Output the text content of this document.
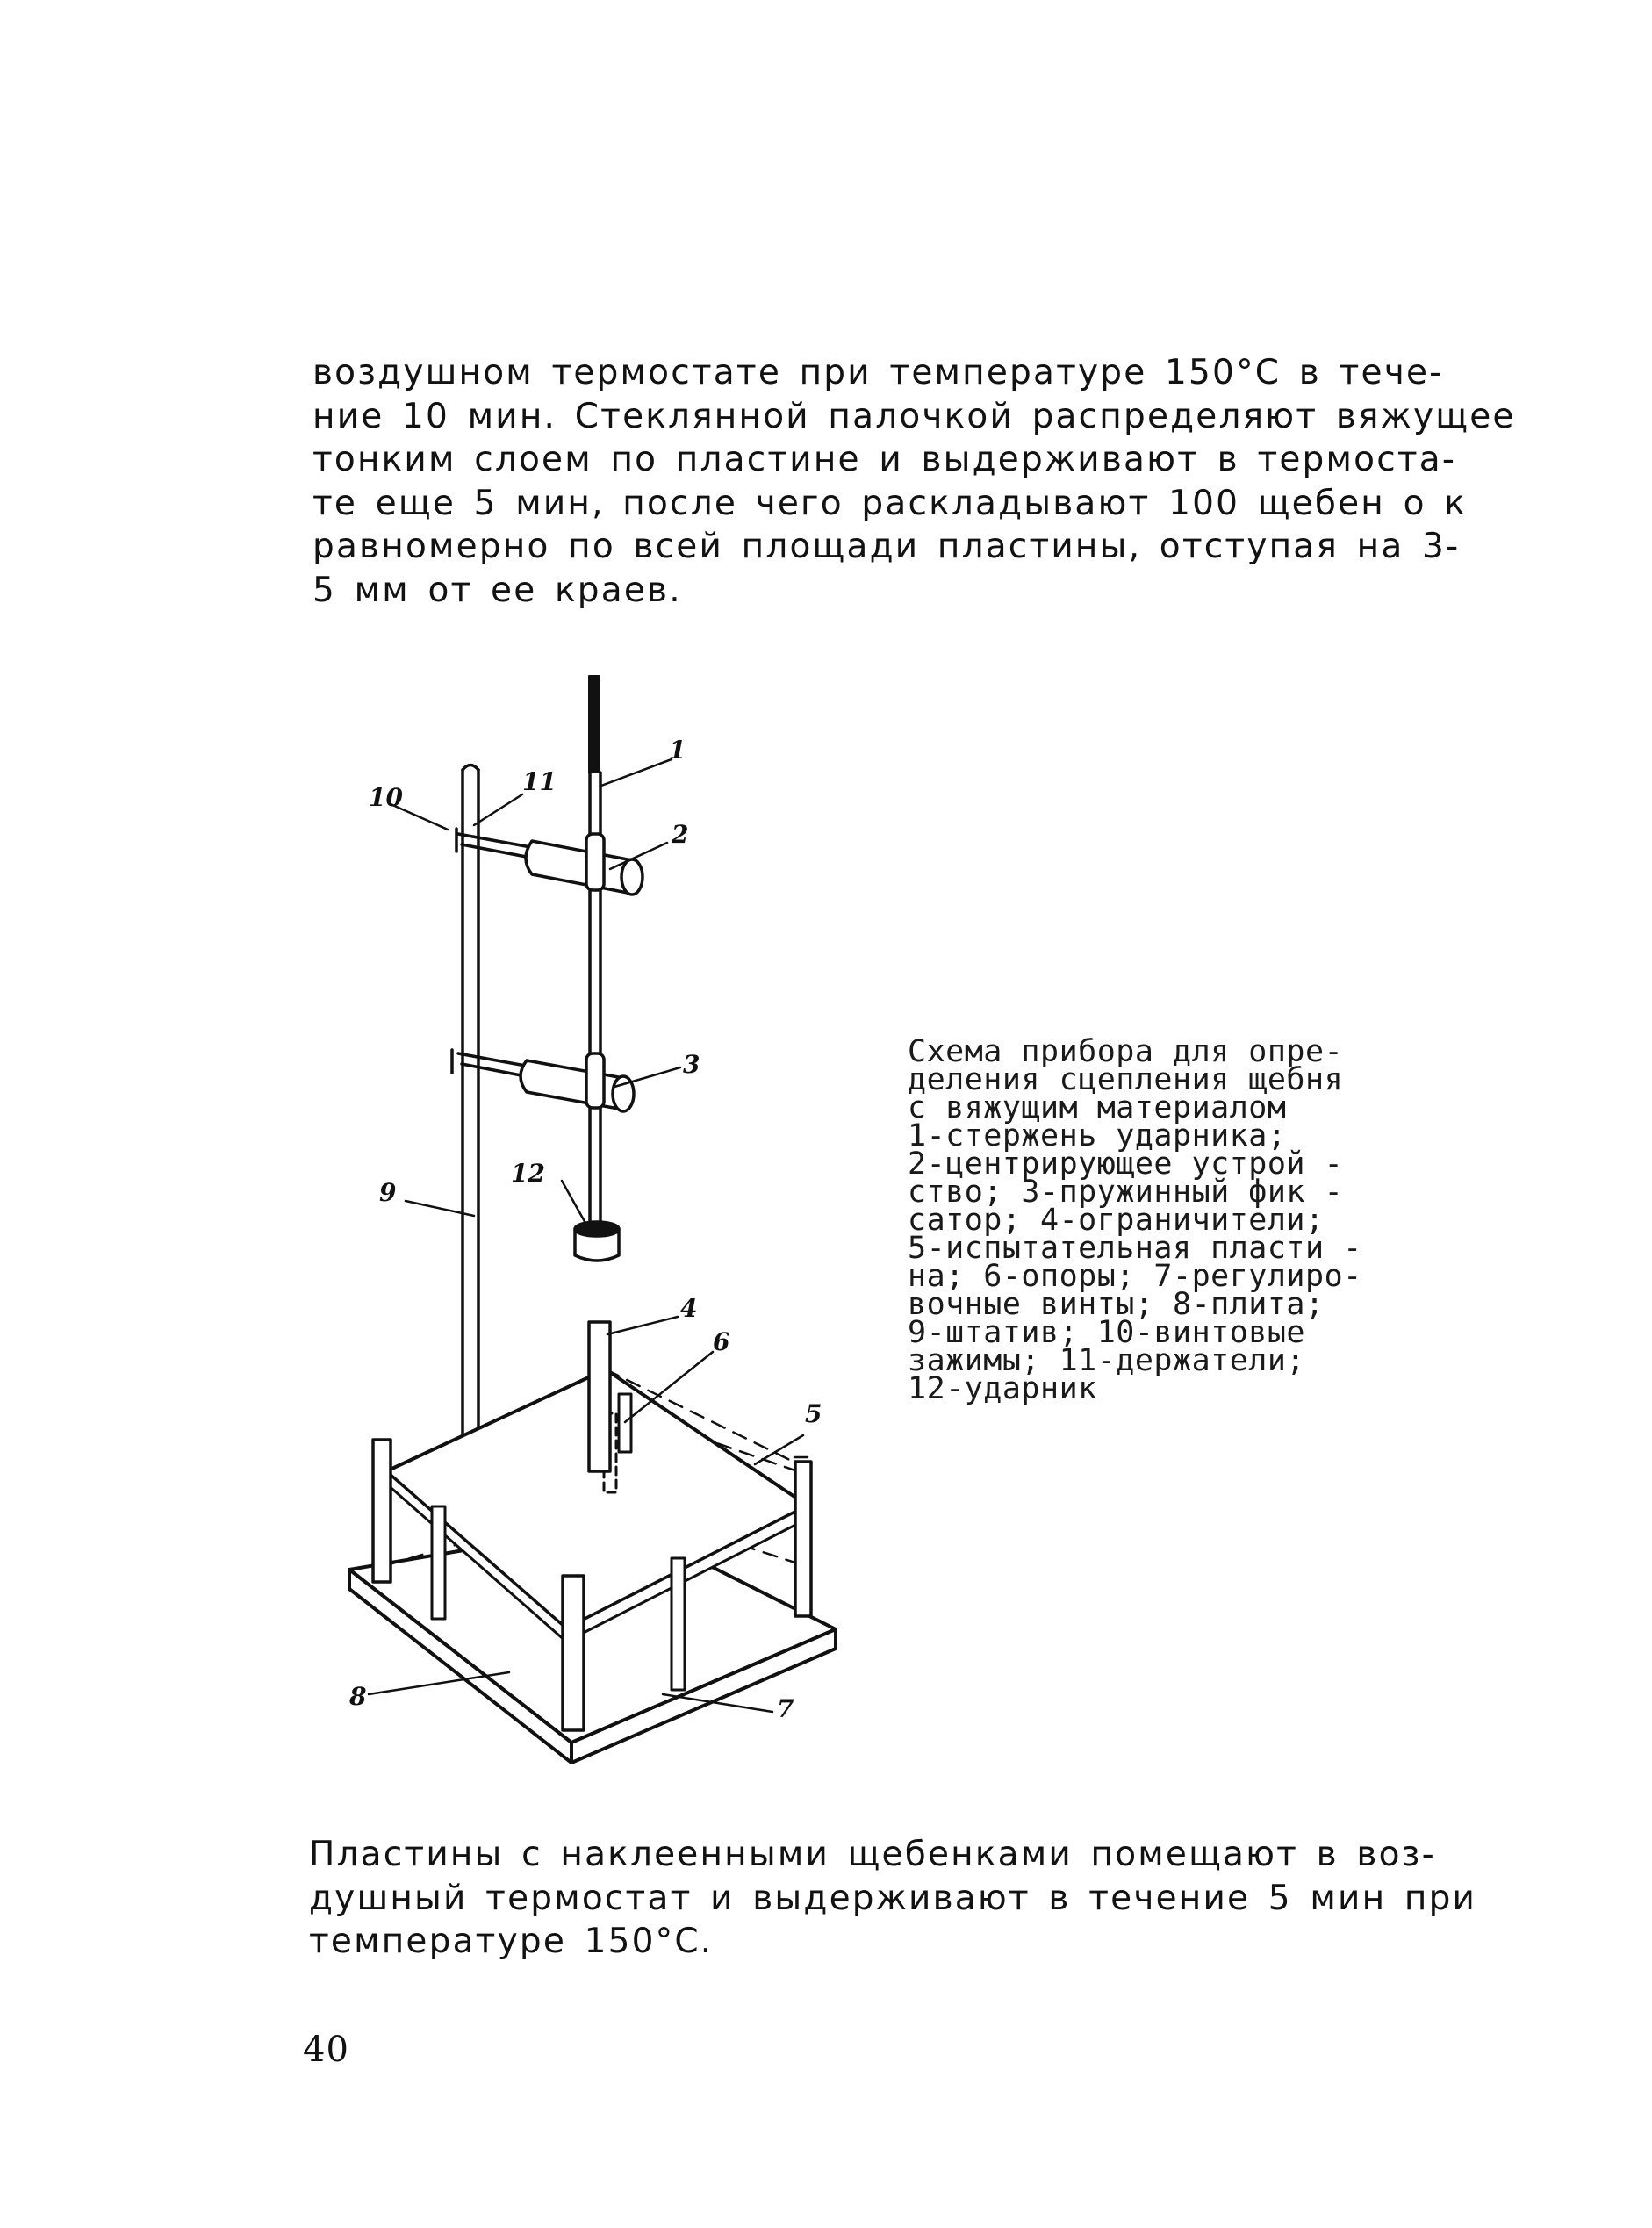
воздушном термостате при температуре 150°С в тече-
ние 10 мин. Стеклянной палочкой распределяют вяжущее
тонким слоем по пластине и выдерживают в термоста-
те еще 5 мин, после чего раскладывают 100 щебен о к
равномерно по всей площади пластины, отступая на 3-
5 мм от ее краев.
1
2
3
4
5
6
7
8
9
10
11
12
Схема прибора для опре-
деления сцепления щебня
с вяжущим материалом
1-стержень ударника;
2-центрирующее устрой -
ство; 3-пружинный фик -
сатор; 4-ограничители;
5-испытательная пласти -
на; 6-опоры; 7-регулиро-
вочные винты; 8-плита;
9-штатив; 10-винтовые
зажимы; 11-держатели;
12-ударник
Пластины с наклеенными щебенками помещают в воз-
душный термостат и выдерживают в течение 5 мин при
температуре 150°С.
40
